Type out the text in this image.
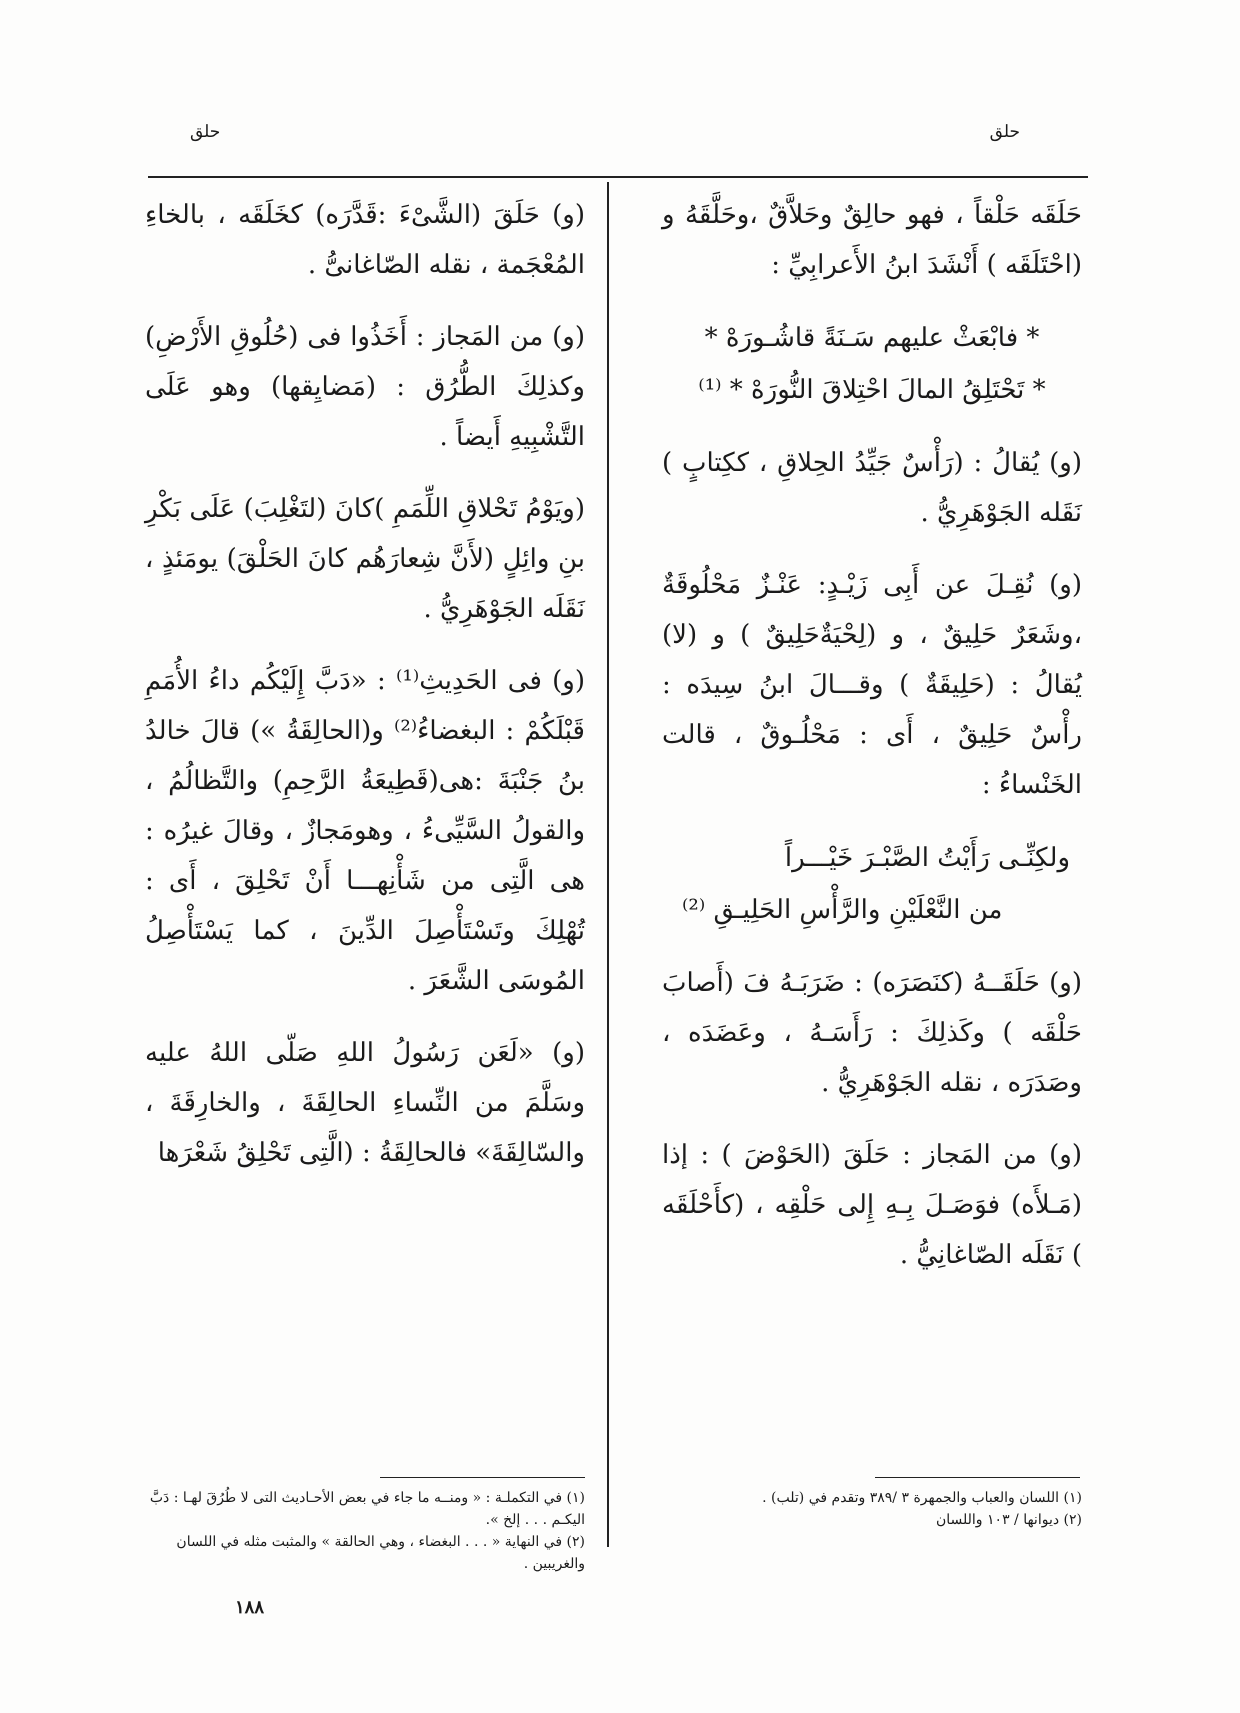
حلق
حلق

حَلَقَه حَلْقاً ، فهو حالِقٌ وحَلاَّقٌ ،وحَلَّقَهُ و (احْتَلَقَه ) أَنْشَدَ ابنُ الأَعرابِيِّ :

* فابْعَثْ عليهم سَـنَةً قاشُـورَهْ *
* تَحْتَلِقُ المالَ احْتِلاقَ النُّورَهْ * ⁽¹⁾

(و) يُقالُ : (رَأْسٌ جَيِّدُ الحِلاقِ ، ككِتابٍ ) نَقَله الجَوْهَرِيُّ .

(و) نُقِـلَ عن أَبِى زَيْـدٍ: عَنْـزٌ مَحْلُوقَةٌ ،وشَعَرٌ حَلِيقٌ ، و (لِحْيَةٌحَلِيقٌ ) و (لا) يُقالُ : (حَلِيقَةٌ ) وقـــالَ ابنُ سِيدَه : رأْسٌ حَلِيقٌ ، أَى : مَحْلُـوقٌ ، قالت الخَنْساءُ :

ولكِنِّـى رَأَيْتُ الصَّبْـرَ خَيْـــراً
من النَّعْلَيْنِ والرَّأْسِ الحَلِيـقِ ⁽²⁾

(و) حَلَقَــهُ (كنَصَرَه) : ضَرَبَـهُ فَ (أَصابَ حَلْقَه ) وكَذلِكَ : رَأَسَـهُ ، وعَضَدَه ، وصَدَرَه ، نقله الجَوْهَرِيُّ .

(و) من المَجاز : حَلَقَ (الحَوْضَ ) : إذا (مَـلأَه) فوَصَـلَ بِـهِ إِلى حَلْقِه ، (كأَحْلَقَه ) نَقَلَه الصّاغانِيُّ .

(و) حَلَقَ (الشَّىْءَ :قَدَّرَه) كخَلَقَه ، بالخاءِ المُعْجَمة ، نقله الصّاغانىُّ .

(و) من المَجاز : أَخَذُوا فى (حُلُوقِ الأَرْضِ) وكذلِكَ الطُّرُق : (مَضايِقها) وهو عَلَى التَّشْبِيهِ أَيضاً .

(ويَوْمُ تَحْلاقِ اللِّمَمِ )كانَ (لتَغْلِبَ) عَلَى بَكْرِ بنِ وائِلٍ (لأَنَّ شِعارَهُم كانَ الحَلْقَ) يومَئذٍ ، نَقَلَه الجَوْهَرِيُّ .

(و) فى الحَدِيثِ⁽¹⁾ : «دَبَّ إِلَيْكُم داءُ الأُمَمِ قَبْلَكُمْ : البغضاءُ⁽²⁾ و(الحالِقَةُ ») قالَ خالدُ بنُ جَنْبَةَ :هى(قَطِيعَةُ الرَّحِمِ) والتَّظالُمُ ، والقولُ السَّيِّىءُ ، وهومَجازٌ ، وقالَ غيرُه : هى الَّتِى من شَأْنِهـــا أَنْ تَحْلِقَ ، أَى : تُهْلِكَ وتَسْتَأْصِلَ الدِّينَ ، كما يَسْتَأْصِلُ المُوسَى الشَّعَرَ .

(و) «لَعَن رَسُولُ اللهِ صَلّى اللهُ عليه وسَلَّمَ من النِّساءِ الحالِقَةَ ، والخارِقَةَ ، والسّالِقَةَ» فالحالِقَةُ : (الَّتِى تَحْلِقُ شَعْرَها

(١) اللسان والعباب والجمهرة ٣ /٣٨٩ وتقدم في (تلب) .

(٢) ديوانها / ١٠٣ واللسان

(١) في التكملـة : « ومنــه ما جاء في بعض الأحـاديث التى لا طُرُقَ لهـا : دَبَّ اليكـم . . . إلخ ».

(٢) في النهاية « . . . البغضاء ، وهي الحالقة » والمثبت مثله في اللسان والغريبين .

١٨٨
